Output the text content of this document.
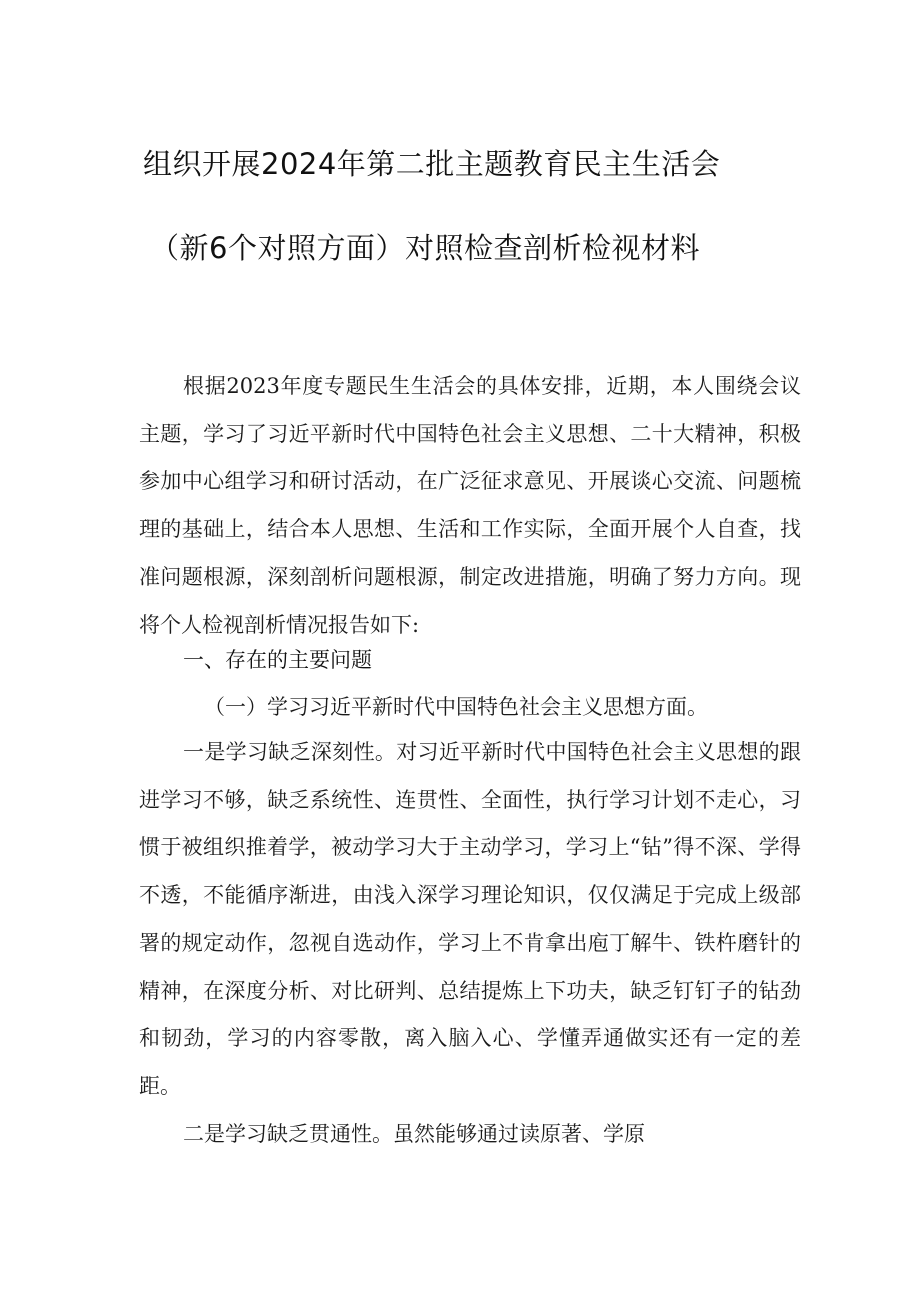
组织开展2024年第二批主题教育民主生活会
（新6个对照方面）对照检查剖析检视材料

根据2023年度专题民生生活会的具体安排，近期，本人围绕会议主题，学习了习近平新时代中国特色社会主义思想、二十大精神，积极参加中心组学习和研讨活动，在广泛征求意见、开展谈心交流、问题梳理的基础上，结合本人思想、生活和工作实际，全面开展个人自查，找准问题根源，深刻剖析问题根源，制定改进措施，明确了努力方向。现将个人检视剖析情况报告如下:

一、存在的主要问题
（一）学习习近平新时代中国特色社会主义思想方面。

一是学习缺乏深刻性。对习近平新时代中国特色社会主义思想的跟进学习不够，缺乏系统性、连贯性、全面性，执行学习计划不走心，习惯于被组织推着学，被动学习大于主动学习，学习上“钻”得不深、学得不透，不能循序渐进，由浅入深学习理论知识，仅仅满足于完成上级部署的规定动作，忽视自选动作，学习上不肯拿出庖丁解牛、铁杵磨针的精神，在深度分析、对比研判、总结提炼上下功夫，缺乏钉钉子的钻劲和韧劲，学习的内容零散，离入脑入心、学懂弄通做实还有一定的差距。

二是学习缺乏贯通性。虽然能够通过读原著、学原
